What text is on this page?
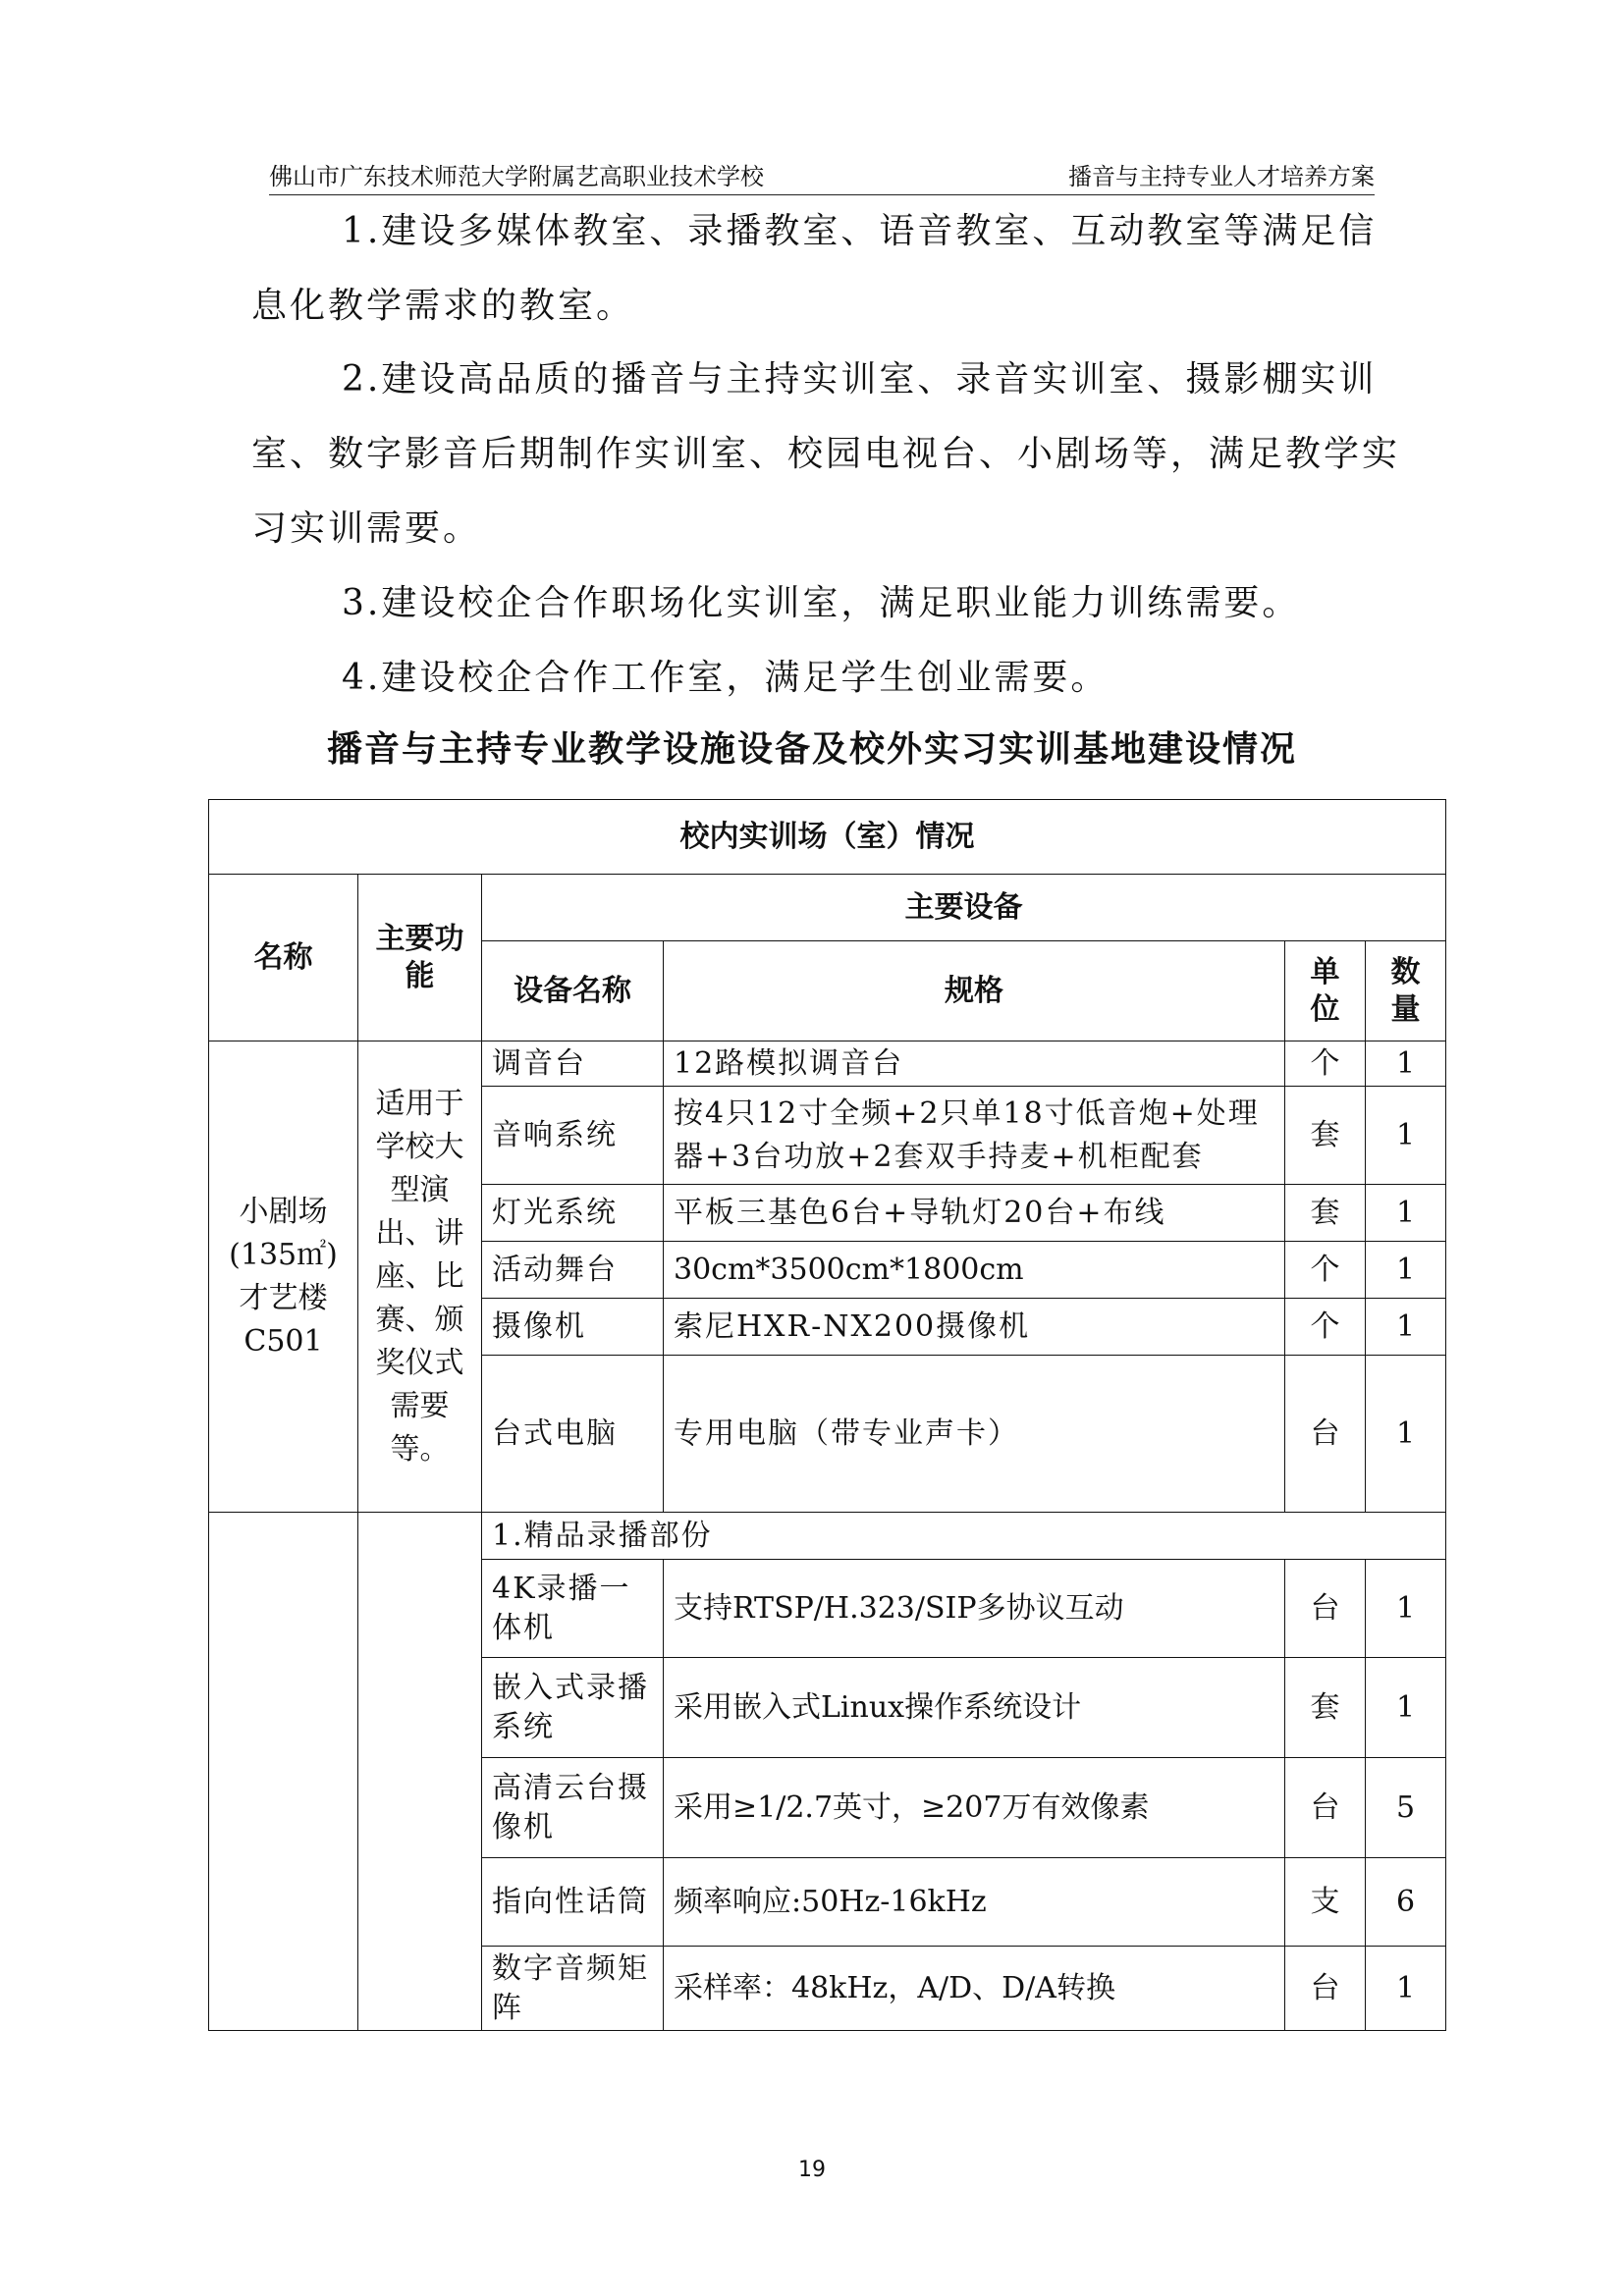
佛山市广东技术师范大学附属艺高职业技术学校	播音与主持专业人才培养方案
1.建设多媒体教室、录播教室、语音教室、互动教室等满足信
息化教学需求的教室。
2.建设高品质的播音与主持实训室、录音实训室、摄影棚实训
室、数字影音后期制作实训室、校园电视台、小剧场等，满足教学实
习实训需要。
3.建设校企合作职场化实训室，满足职业能力训练需要。
4.建设校企合作工作室，满足学生创业需要。
播音与主持专业教学设施设备及校外实习实训基地建设情况
校内实训场（室）情况					
名称	主要功能	主要设备			
		设备名称	规格	单位	数量
小剧场(135㎡)才艺楼C501	适用于学校大型演出、讲座、比赛、颁奖仪式需要等。	调音台	12路模拟调音台	个	1
		音响系统	按4只12寸全频+2只单18寸低音炮+处理器+3台功放+2套双手持麦+机柜配套	套	1
		灯光系统	平板三基色6台+导轨灯20台+布线	套	1
		活动舞台	30cm*3500cm*1800cm	个	1
		摄像机	索尼HXR-NX200摄像机	个	1
		台式电脑	专用电脑（带专业声卡）	台	1
		1.精品录播部份			
		4K录播一体机	支持RTSP/H.323/SIP多协议互动	台	1
		嵌入式录播系统	采用嵌入式Linux操作系统设计	套	1
		高清云台摄像机	采用≥1/2.7英寸，≥207万有效像素	台	5
		指向性话筒	频率响应:50Hz-16kHz	支	6
		数字音频矩阵	采样率：48kHz，A/D、D/A转换	台	1
19
